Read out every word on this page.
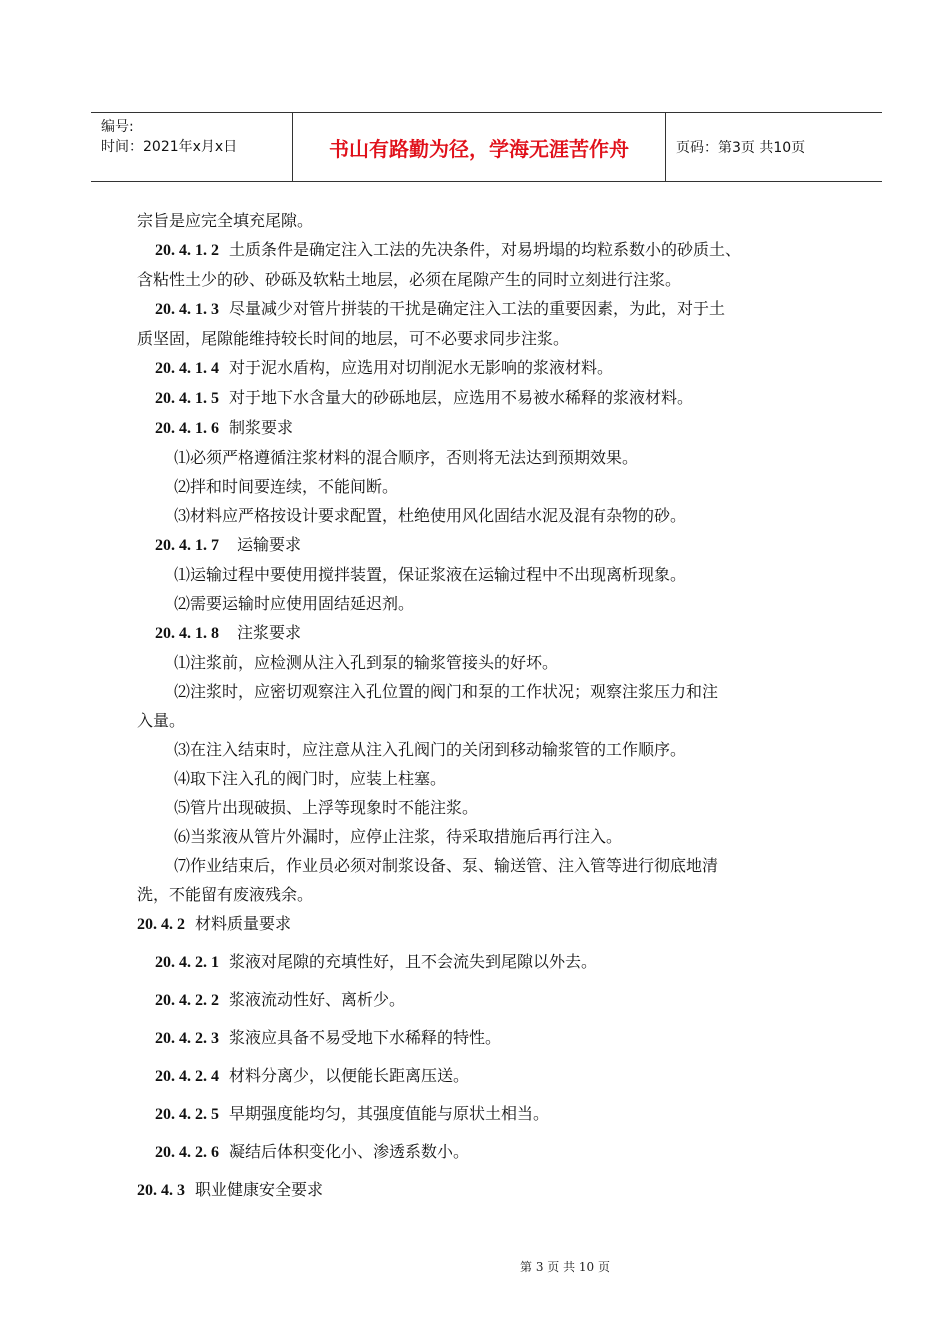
编号:
时间：2021年x月x日	书山有路勤为径，学海无涯苦作舟	页码：第3页 共10页
宗旨是应完全填充尾隙。
20. 4. 1. 2 土质条件是确定注入工法的先决条件，对易坍塌的均粒系数小的砂质土、
含粘性土少的砂、砂砾及软粘土地层，必须在尾隙产生的同时立刻进行注浆。
20. 4. 1. 3 尽量减少对管片拼装的干扰是确定注入工法的重要因素，为此，对于土
质坚固，尾隙能维持较长时间的地层，可不必要求同步注浆。
20. 4. 1. 4 对于泥水盾构，应选用对切削泥水无影响的浆液材料。
20. 4. 1. 5 对于地下水含量大的砂砾地层，应选用不易被水稀释的浆液材料。
20. 4. 1. 6 制浆要求
⑴必须严格遵循注浆材料的混合顺序，否则将无法达到预期效果。
⑵拌和时间要连续，不能间断。
⑶材料应严格按设计要求配置，杜绝使用风化固结水泥及混有杂物的砂。
20. 4. 1. 7 运输要求
⑴运输过程中要使用搅拌装置，保证浆液在运输过程中不出现离析现象。
⑵需要运输时应使用固结延迟剂。
20. 4. 1. 8 注浆要求
⑴注浆前，应检测从注入孔到泵的输浆管接头的好坏。
⑵注浆时，应密切观察注入孔位置的阀门和泵的工作状况；观察注浆压力和注
入量。
⑶在注入结束时，应注意从注入孔阀门的关闭到移动输浆管的工作顺序。
⑷取下注入孔的阀门时，应装上柱塞。
⑸管片出现破损、上浮等现象时不能注浆。
⑹当浆液从管片外漏时，应停止注浆，待采取措施后再行注入。
⑺作业结束后，作业员必须对制浆设备、泵、输送管、注入管等进行彻底地清
洗，不能留有废液残余。
20. 4. 2 材料质量要求
20. 4. 2. 1 浆液对尾隙的充填性好，且不会流失到尾隙以外去。
20. 4. 2. 2 浆液流动性好、离析少。
20. 4. 2. 3 浆液应具备不易受地下水稀释的特性。
20. 4. 2. 4 材料分离少，以便能长距离压送。
20. 4. 2. 5 早期强度能均匀，其强度值能与原状土相当。
20. 4. 2. 6 凝结后体积变化小、渗透系数小。
20. 4. 3 职业健康安全要求
第 3 页 共 10 页
